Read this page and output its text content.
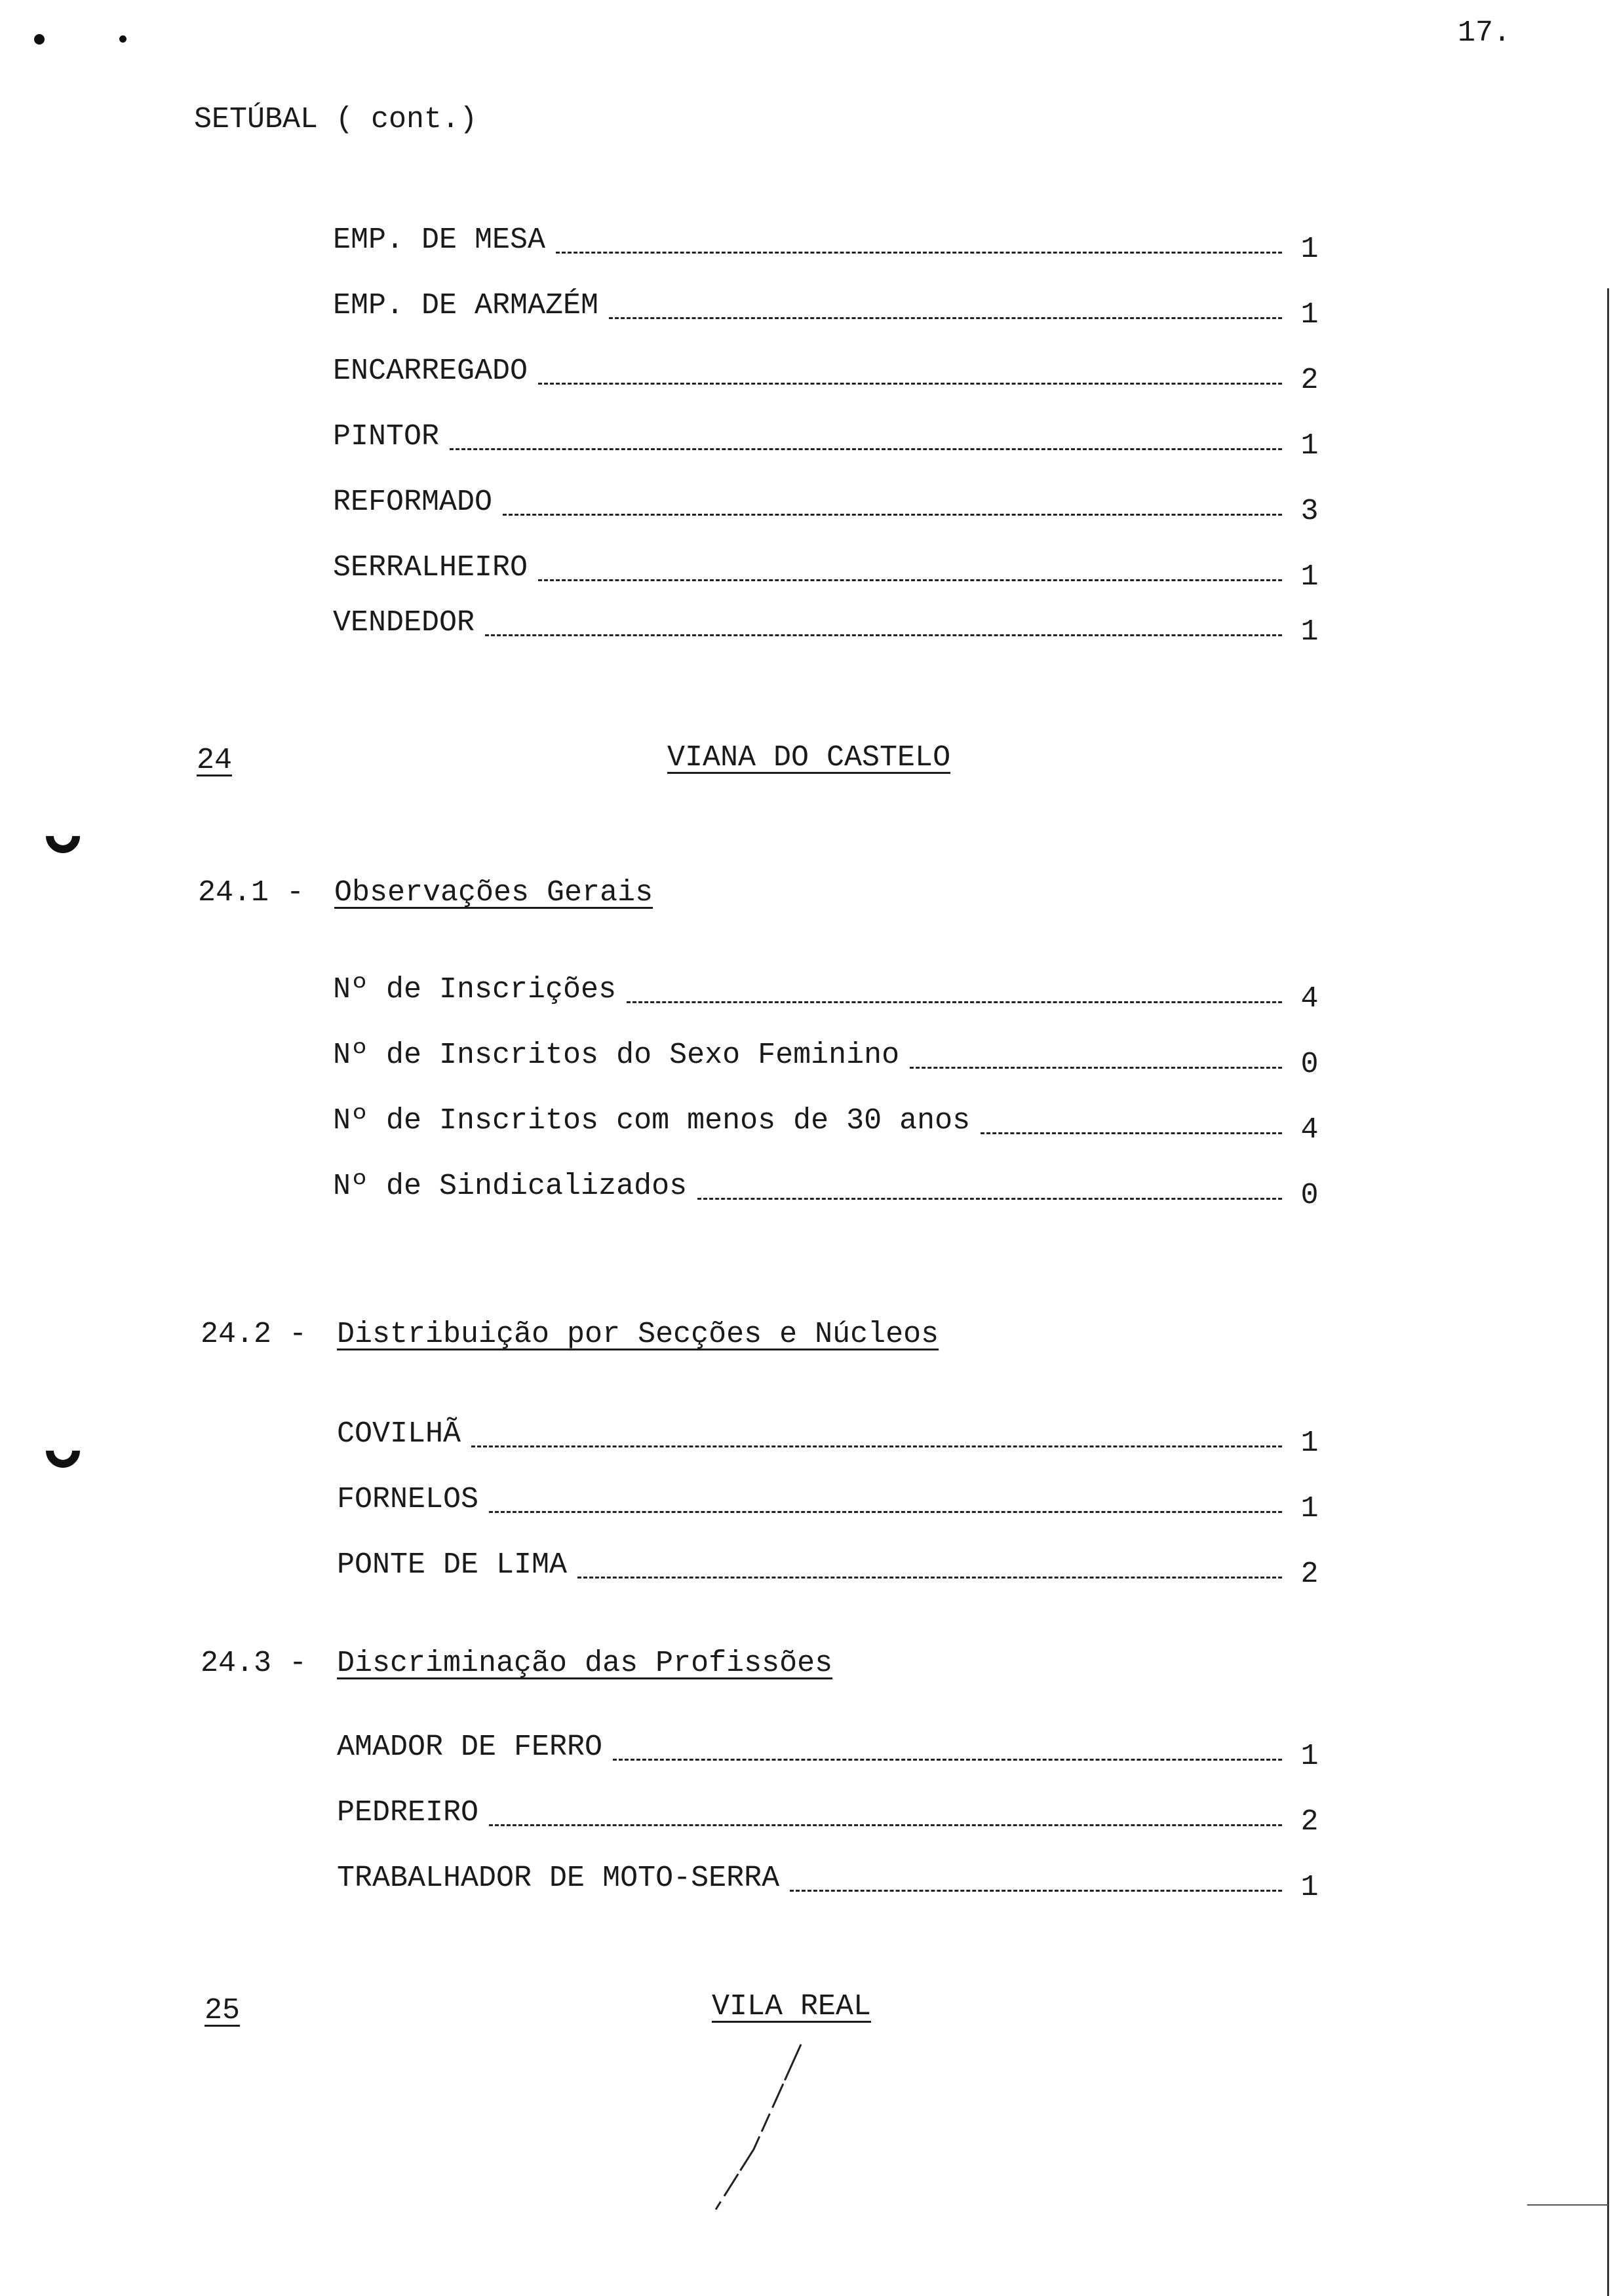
17.
SETÚBAL ( cont.)
EMP. DE MESA	1
EMP. DE ARMAZÉM	1
ENCARREGADO	2
PINTOR	1
REFORMADO	3
SERRALHEIRO	1
VENDEDOR	1
24	VIANA DO CASTELO
24.1 - Observações Gerais
Nº de Inscrições	4
Nº de Inscritos do Sexo Feminino	0
Nº de Inscritos com menos de 30 anos	4
Nº de Sindicalizados	0
24.2 - Distribuição por Secções e Núcleos
COVILHÃ	1
FORNELOS	1
PONTE DE LIMA	2
24.3 - Discriminação das Profissões
AMADOR DE FERRO	1
PEDREIRO	2
TRABALHADOR DE MOTO-SERRA	1
25	VILA REAL
